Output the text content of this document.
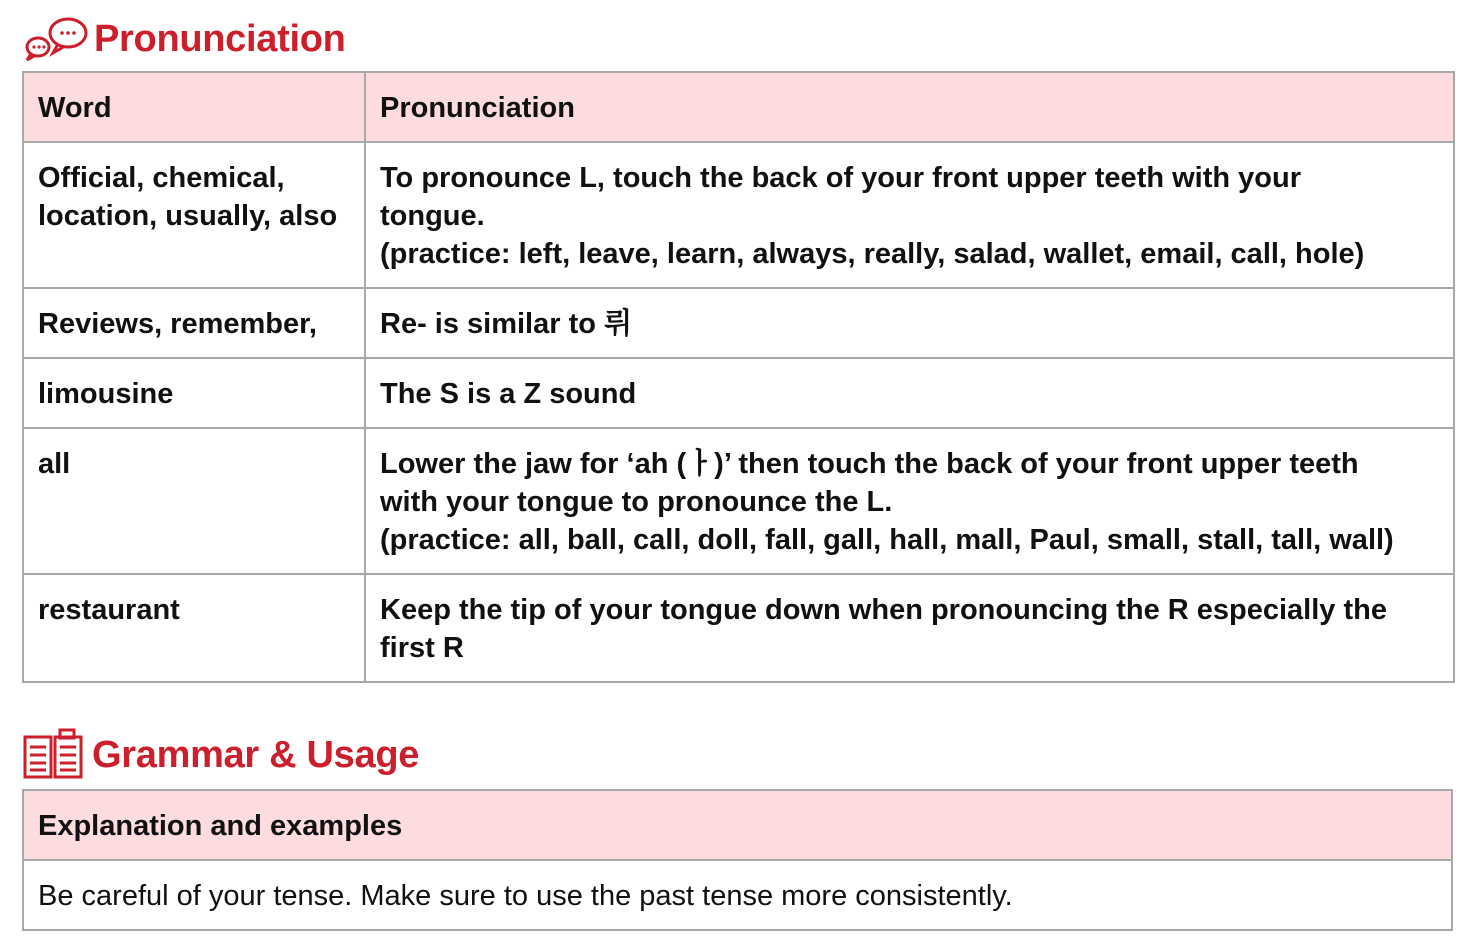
Pronunciation
Word	Pronunciation

Official, chemical,
location, usually, also	To pronounce L, touch the back of your front upper teeth with your
tongue.
(practice: left, leave, learn, always, really, salad, wallet, email, call, hole)

Reviews, remember,	Re- is similar to 뤼

limousine	The S is a Z sound

all	Lower the jaw for ‘ah (ㅏ)’ then touch the back of your front upper teeth
with your tongue to pronounce the L.
(practice: all, ball, call, doll, fall, gall, hall, mall, Paul, small, stall, tall, wall)

restaurant	Keep the tip of your tongue down when pronouncing the R especially the
first R
Grammar & Usage
Explanation and examples
Be careful of your tense. Make sure to use the past tense more consistently.
